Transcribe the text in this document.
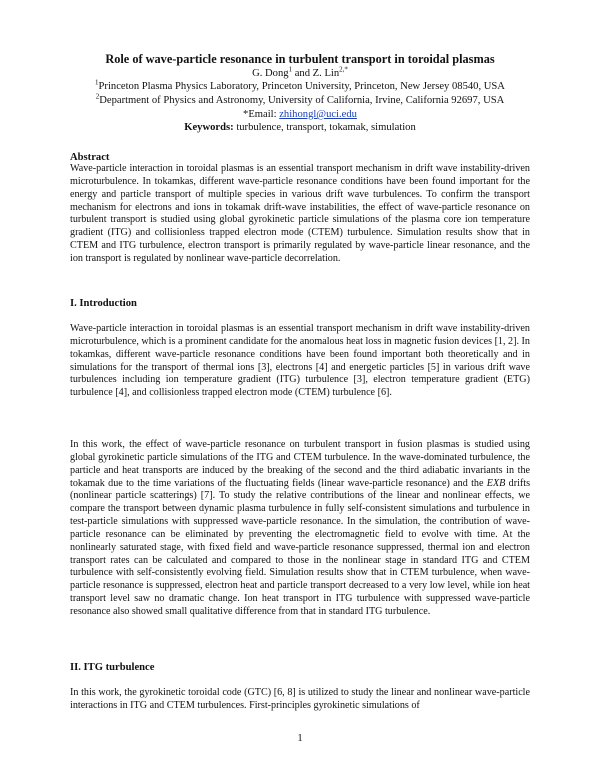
Role of wave-particle resonance in turbulent transport in toroidal plasmas
G. Dong$^1$ and Z. Lin$^{2,*}$
$^1$Princeton Plasma Physics Laboratory, Princeton University, Princeton, New Jersey 08540, USA
$^2$Department of Physics and Astronomy, University of California, Irvine, California 92697, USA
*Email: zhihongl@uci.edu
Keywords: turbulence, transport, tokamak, simulation
Abstract

Wave-particle interaction in toroidal plasmas is an essential transport mechanism in drift wave instability-driven microturbulence. In tokamkas, different wave-particle resonance conditions have been found important for the energy and particle transport of multiple species in various drift wave turbulences. To confirm the transport mechanism for electrons and ions in tokamak drift-wave instabilities, the effect of wave-particle resonance on turbulent transport is studied using global gyrokinetic particle simulations of the plasma core ion temperature gradient (ITG) and collisionless trapped electron mode (CTEM) turbulence. Simulation results show that in CTEM and ITG turbulence, electron transport is primarily regulated by wave-particle linear resonance, and the ion transport is regulated by nonlinear wave-particle decorrelation.

I. Introduction

Wave-particle interaction in toroidal plasmas is an essential transport mechanism in drift wave instability-driven microturbulence, which is a prominent candidate for the anomalous heat loss in magnetic fusion devices [1, 2]. In tokamkas, different wave-particle resonance conditions have been found important both theoretically and in simulations for the transport of thermal ions [3], electrons [4] and energetic particles [5] in various drift wave turbulences including ion temperature gradient (ITG) turbulence [3], electron temperature gradient (ETG) turbulence [4], and collisionless trapped electron mode (CTEM) turbulence [6].

In this work, the effect of wave-particle resonance on turbulent transport in fusion plasmas is studied using global gyrokinetic particle simulations of the ITG and CTEM turbulence. In the wave-dominated turbulence, the particle and heat transports are induced by the breaking of the second and the third adiabatic invariants in the tokamak due to the time variations of the fluctuating fields (linear wave-particle resonance) and the EXB drifts (nonlinear particle scatterings) [7]. To study the relative contributions of the linear and nonlinear effects, we compare the transport between dynamic plasma turbulence in fully self-consistent simulations and turbulence in test-particle simulations with suppressed wave-particle resonance. In the simulation, the contribution of wave-particle resonance can be eliminated by preventing the electromagnetic field to evolve with time. At the nonlinearly saturated stage, with fixed field and wave-particle resonance suppressed, thermal ion and electron transport rates can be calculated and compared to those in the nonlinear stage in standard ITG and CTEM turbulence with self-consistently evolving field. Simulation results show that in CTEM turbulence, when wave-particle resonance is suppressed, electron heat and particle transport decreased to a very low level, while ion heat transport level saw no dramatic change. Ion heat transport in ITG turbulence with suppressed wave-particle resonance also showed small qualitative difference from that in standard ITG turbulence.

II. ITG turbulence

In this work, the gyrokinetic toroidal code (GTC) [6, 8] is utilized to study the linear and nonlinear wave-particle interactions in ITG and CTEM turbulences. First-principles gyrokinetic simulations of

1
